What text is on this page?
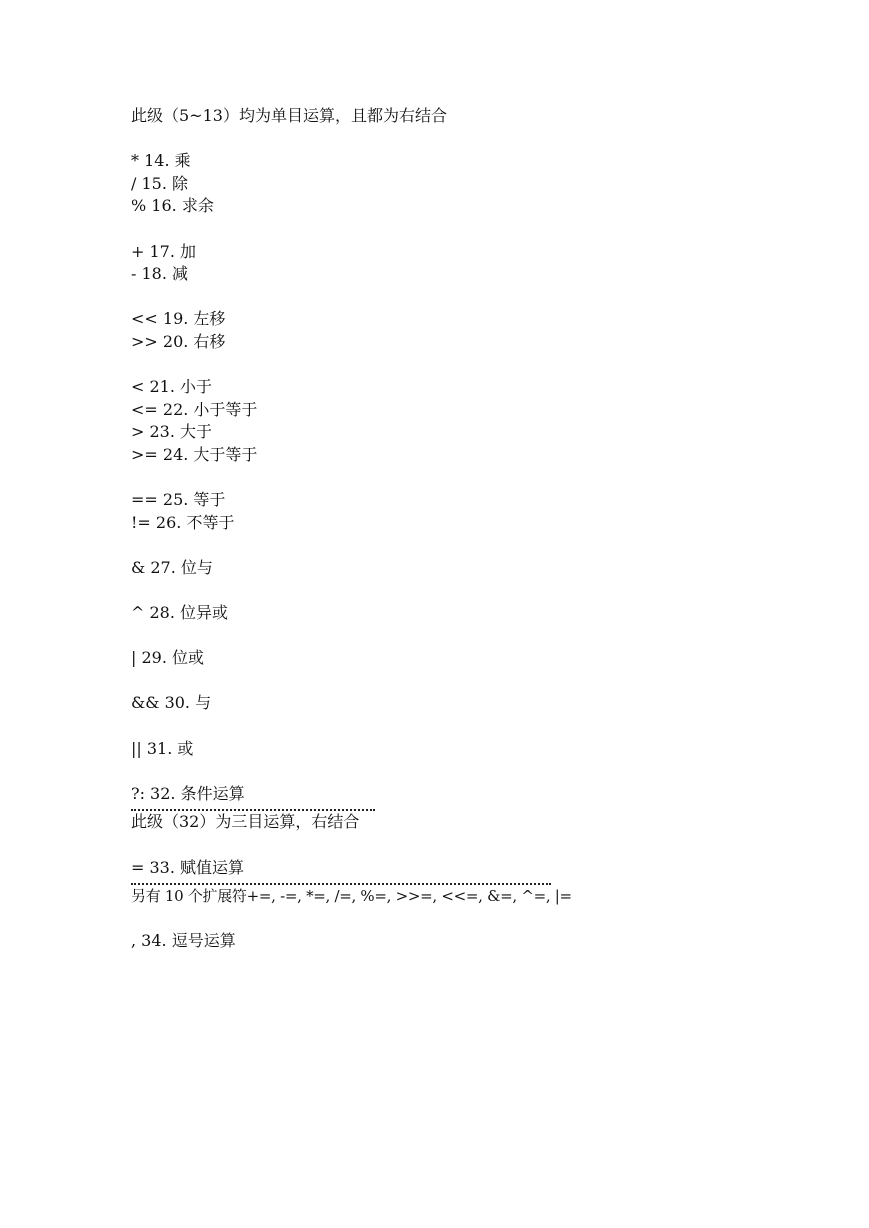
此级（5~13）均为单目运算，且都为右结合
* 14. 乘
/ 15. 除
% 16. 求余
+ 17. 加
- 18. 减
<< 19. 左移
>> 20. 右移
< 21. 小于
<= 22. 小于等于
> 23. 大于
>= 24. 大于等于
== 25. 等于
!= 26. 不等于
& 27. 位与
^ 28. 位异或
| 29. 位或
&& 30. 与
|| 31. 或
?: 32. 条件运算
此级（32）为三目运算，右结合
= 33. 赋值运算
另有 10 个扩展符+=, -=, *=, /=, %=, >>=, <<=, &=, ^=, |=
, 34. 逗号运算
